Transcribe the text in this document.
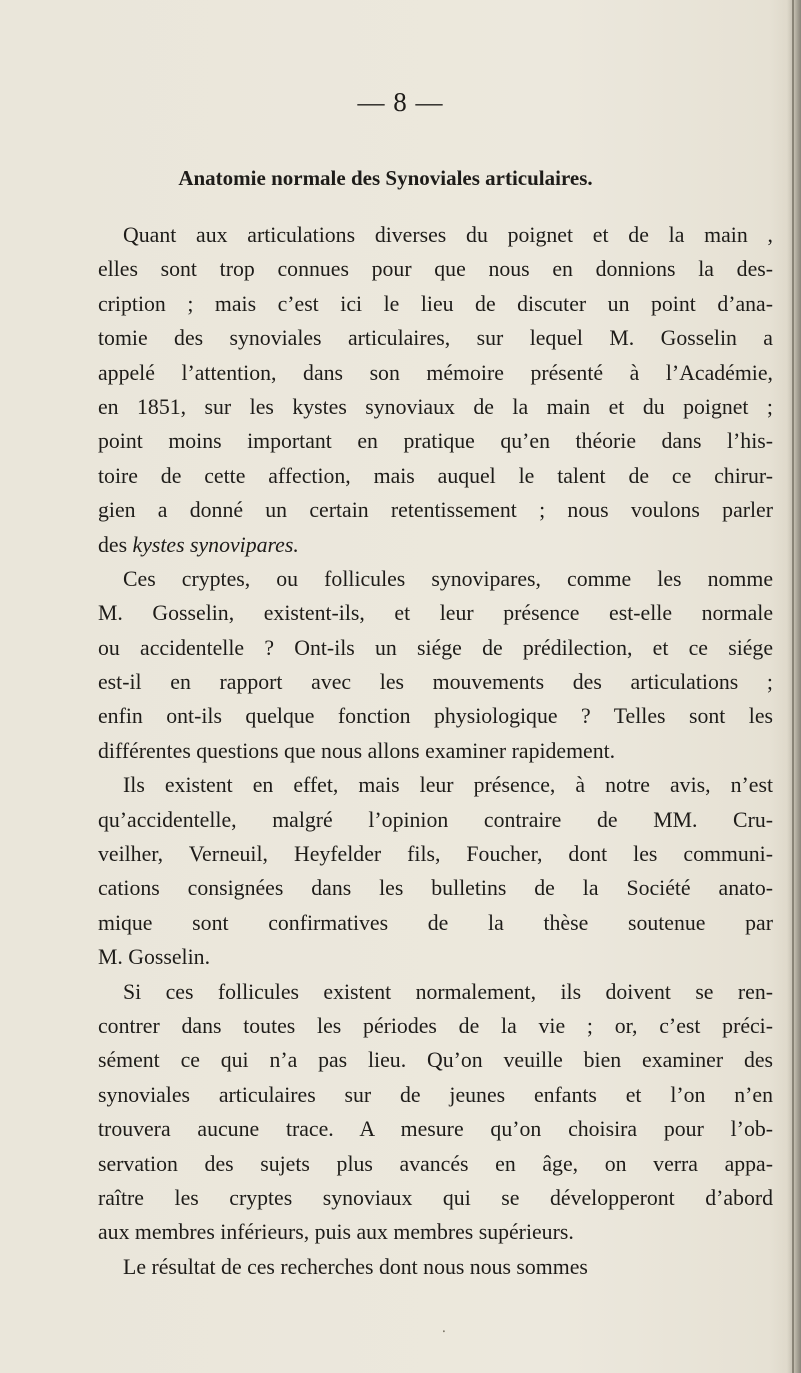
— 8 —
Anatomie normale des Synoviales articulaires.
Quant aux articulations diverses du poignet et de la main ,
elles sont trop connues pour que nous en donnions la des-
cription ; mais c’est ici le lieu de discuter un point d’ana-
tomie des synoviales articulaires, sur lequel M. Gosselin a
appelé l’attention, dans son mémoire présenté à l’Académie,
en 1851, sur les kystes synoviaux de la main et du poignet ;
point moins important en pratique qu’en théorie dans l’his-
toire de cette affection, mais auquel le talent de ce chirur-
gien a donné un certain retentissement ; nous voulons parler
des kystes synovipares.
Ces cryptes, ou follicules synovipares, comme les nomme
M. Gosselin, existent-ils, et leur présence est-elle normale
ou accidentelle ? Ont-ils un siége de prédilection, et ce siége
est-il en rapport avec les mouvements des articulations ;
enfin ont-ils quelque fonction physiologique ? Telles sont les
différentes questions que nous allons examiner rapidement.
Ils existent en effet, mais leur présence, à notre avis, n’est
qu’accidentelle, malgré l’opinion contraire de MM. Cru-
veilher, Verneuil, Heyfelder fils, Foucher, dont les communi-
cations consignées dans les bulletins de la Société anato-
mique sont confirmatives de la thèse soutenue par
M. Gosselin.
Si ces follicules existent normalement, ils doivent se ren-
contrer dans toutes les périodes de la vie ; or, c’est préci-
sément ce qui n’a pas lieu. Qu’on veuille bien examiner des
synoviales articulaires sur de jeunes enfants et l’on n’en
trouvera aucune trace. A mesure qu’on choisira pour l’ob-
servation des sujets plus avancés en âge, on verra appa-
raître les cryptes synoviaux qui se développeront d’abord
aux membres inférieurs, puis aux membres supérieurs.
Le résultat de ces recherches dont nous nous sommes
⸱
